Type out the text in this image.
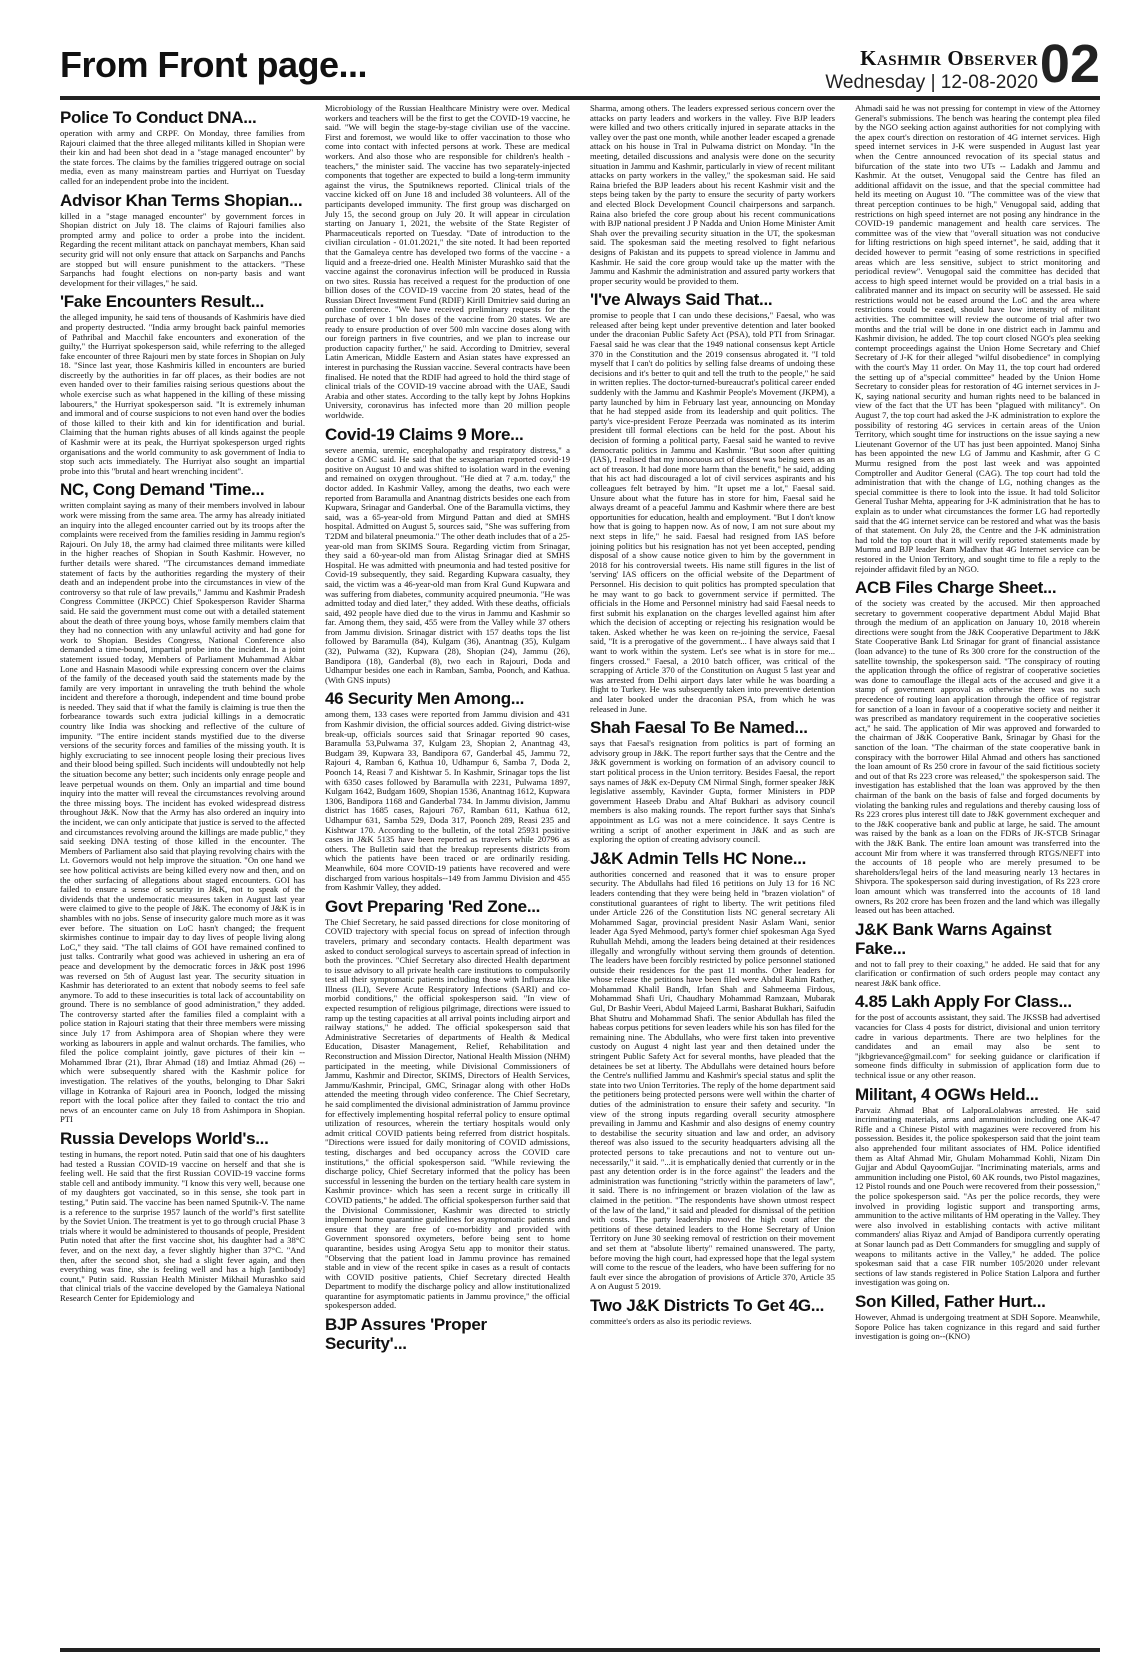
From Front page...	Kashmir Observer
Wednesday | 12-08-2020 02
Police To Conduct DNA...

operation with army and CRPF. On Monday, three families from Rajouri claimed that the three alleged militants killed in Shopian were their kin and had been shot dead in a "stage managed encounter" by the state forces. The claims by the families triggered outrage on social media, even as many mainstream parties and Hurriyat on Tuesday called for an independent probe into the incident.

Advisor Khan Terms Shopian...

killed in a "stage managed encounter" by government forces in Shopian district on July 18. The claims of Rajouri families also prompted army and police to order a probe into the incident. Regarding the recent militant attack on panchayat members, Khan said security grid will not only ensure that attack on Sarpanchs and Panchs are stopped but will ensure punishment to the attackers. "These Sarpanchs had fought elections on non-party basis and want development for their villages," he said.

'Fake Encounters Result...

the alleged impunity, he said tens of thousands of Kashmiris have died and property destructed. "India army brought back painful memories of Pathribal and Macchil fake encounters and exoneration of the guilty," the Hurriyat spokesperson said, while referring to the alleged fake encounter of three Rajouri men by state forces in Shopian on July 18. "Since last year, those Kashmiris killed in encounters are buried discreetly by the authorities in far off places, as their bodies are not even handed over to their families raising serious questions about the whole exercise such as what happened in the killing of these missing labourers," the Hurriyat spokesperson said. "It is extremely inhuman and immoral and of course suspicions to not even hand over the bodies of those killed to their kith and kin for identification and burial. Claiming that the human rights abuses of all kinds against the people of Kashmir were at its peak, the Hurriyat spokesperson urged rights organisations and the world community to ask government of India to stop such acts immediately. The Hurriyat also sought an impartial probe into this "brutal and heart wrenching incident".

NC, Cong Demand 'Time...

written complaint saying as many of their members involved in labour work were missing from the same area. The army has already initiated an inquiry into the alleged encounter carried out by its troops after the complaints were received from the families residing in Jammu region's Rajouri. On July 18, the army had claimed three militants were killed in the higher reaches of Shopian in South Kashmir. However, no further details were shared. "The circumstances demand immediate statement of facts by the authorities regarding the mystery of their death and an independent probe into the circumstances in view of the controversy so that rule of law prevails," Jammu and Kashmir Pradesh Congress Committee (JKPCC) Chief Spokesperson Ravider Sharma said. He said the government must come out with a detailed statement about the death of three young boys, whose family members claim that they had no connection with any unlawful activity and had gone for work to Shopian. Besides Congress, National Conference also demanded a time-bound, impartial probe into the incident. In a joint statement issued today, Members of Parliament Muhammad Akbar Lone and Hasnain Masoodi while expressing concern over the claims of the family of the deceased youth said the statements made by the family are very important in unraveling the truth behind the whole incident and therefore a thorough, independent and time bound probe is needed. They said that if what the family is claiming is true then the forbearance towards such extra judicial killings in a democratic country like India was shocking and reflective of the culture of impunity. "The entire incident stands mystified due to the diverse versions of the security forces and families of the missing youth. It is highly excruciating to see innocent people losing their precious lives and their blood being spilled. Such incidents will undoubtedly not help the situation become any better; such incidents only enrage people and leave perpetual wounds on them. Only an impartial and time bound inquiry into the matter will reveal the circumstances revolving around the three missing boys. The incident has evoked widespread distress throughout J&K. Now that the Army has also ordered an inquiry into the incident, we can only anticipate that justice is served to the affected and circumstances revolving around the killings are made public," they said seeking DNA testing of those killed in the encounter. The Members of Parliament also said that playing revolving chairs with the Lt. Governors would not help improve the situation. "On one hand we see how political activists are being killed every now and then, and on the other surfacing of allegations about staged encounters. GOI has failed to ensure a sense of security in J&K, not to speak of the dividends that the undemocratic measures taken in August last year were claimed to give to the people of J&K. The economy of J&K is in shambles with no jobs. Sense of insecurity galore much more as it was ever before. The situation on LoC hasn't changed; the frequent skirmishes continue to impair day to day lives of people living along LoC," they said. "The tall claims of GOI have remained confined to just talks. Contrarily what good was achieved in ushering an era of peace and development by the democratic forces in J&K post 1996 was reversed on 5th of August last year. The security situation in Kashmir has deteriorated to an extent that nobody seems to feel safe anymore. To add to these insecurities is total lack of accountability on ground. There is no semblance of good administration," they added. The controversy started after the families filed a complaint with a police station in Rajouri stating that their three members were missing since July 17 from Ashimpora area of Shopian where they were working as labourers in apple and walnut orchards. The families, who filed the police complaint jointly, gave pictures of their kin -- Mohammed Ibrar (21), Ibrar Ahmad (18) and Imtiaz Ahmad (26) -- which were subsequently shared with the Kashmir police for investigation. The relatives of the youths, belonging to Dhar Sakri village in Kotranka of Rajouri area in Poonch, lodged the missing report with the local police after they failed to contact the trio and news of an encounter came on July 18 from Ashimpora in Shopian. PTI

Russia Develops World's...

testing in humans, the report noted. Putin said that one of his daughters had tested a Russian COVID-19 vaccine on herself and that she is feeling well. He said that the first Russian COVID-19 vaccine forms stable cell and antibody immunity. "I know this very well, because one of my daughters got vaccinated, so in this sense, she took part in testing," Putin said. The vaccine has been named Sputnik-V. The name is a reference to the surprise 1957 launch of the world"s first satellite by the Soviet Union. The treatment is yet to go through crucial Phase 3 trials where it would be administered to thousands of people, President Putin noted that after the first vaccine shot, his daughter had a 38°C fever, and on the next day, a fever slightly higher than 37°C. "And then, after the second shot, she had a slight fever again, and then everything was fine, she is feeling well and has a high [antibody] count," Putin said. Russian Health Minister Mikhail Murashko said that clinical trials of the vaccine developed by the Gamaleya National Research Center for Epidemiology and

Microbiology of the Russian Healthcare Ministry were over. Medical workers and teachers will be the first to get the COVID-19 vaccine, he said. "We will begin the stage-by-stage civilian use of the vaccine. First and foremost, we would like to offer vaccination to those who come into contact with infected persons at work. These are medical workers. And also those who are responsible for children's health - teachers," the minister said. The vaccine has two separately-injected components that together are expected to build a long-term immunity against the virus, the Sputniknews reported. Clinical trials of the vaccine kicked off on June 18 and included 38 volunteers. All of the participants developed immunity. The first group was discharged on July 15, the second group on July 20. It will appear in circulation starting on January 1, 2021, the website of the State Register of Pharmaceuticals reported on Tuesday. "Date of introduction to the civilian circulation - 01.01.2021," the site noted. It had been reported that the Gamaleya centre has developed two forms of the vaccine - a liquid and a freeze-dried one. Health Minister Murashko said that the vaccine against the coronavirus infection will be produced in Russia on two sites. Russia has received a request for the production of one billion doses of the COVID-19 vaccine from 20 states, head of the Russian Direct Investment Fund (RDIF) Kirill Dmitriev said during an online conference. "We have received preliminary requests for the purchase of over 1 bln doses of the vaccine from 20 states. We are ready to ensure production of over 500 mln vaccine doses along with our foreign partners in five countries, and we plan to increase our production capacity further," he said. According to Dmitriev, several Latin American, Middle Eastern and Asian states have expressed an interest in purchasing the Russian vaccine. Several contracts have been finalised. He noted that the RDIF had agreed to hold the third stage of clinical trials of the COVID-19 vaccine abroad with the UAE, Saudi Arabia and other states. According to the tally kept by Johns Hopkins University, coronavirus has infected more than 20 million people worldwide.

Covid-19 Claims 9 More...

severe anemia, uremic, encephalopathy and respiratory distress," a doctor a GMC said. He said that the sexagenarian reported covid-19 positive on August 10 and was shifted to isolation ward in the evening and remained on oxygen throughout. "He died at 7 a.m. today," the doctor added. In Kashmir Valley, among the deaths, two each were reported from Baramulla and Anantnag districts besides one each from Kupwara, Srinagar and Ganderbal. One of the Baramulla victims, they said, was a 65-year-old from Mirgund Pattan and died at SMHS hospital. Admitted on August 5, sources said, "She was suffering from T2DM and bilateral pneumonia." The other death includes that of a 25-year-old man from SKIMS Soura. Regarding victim from Srinagar, they said a 60-year-old man from Alistag Srinagar died at SMHS Hospital. He was admitted with pneumonia and had tested positive for Covid-19 subsequently, they said. Regarding Kupwara casualty, they said, the victim was a 46-year-old man from Kral Gund Kupwara and was suffering from diabetes, community acquired pneumonia. "He was admitted today and died later," they added. With these deaths, officials said, 492 people have died due to the virus in Jammu and Kashmir so far. Among them, they said, 455 were from the Valley while 37 others from Jammu division. Srinagar district with 157 deaths tops the list followed by Baramulla (84), Kulgam (36), Anantnag (35), Kulgam (32), Pulwama (32), Kupwara (28), Shopian (24), Jammu (26), Bandipora (18), Ganderbal (8), two each in Rajouri, Doda and Udhampur besides one each in Ramban, Samba, Poonch, and Kathua. (With GNS inputs)

46 Security Men Among...

among them, 133 cases were reported from Jammu division and 431 from Kashmir division, the official sources added. Giving district-wise break-up, officials sources said that Srinagar reported 90 cases, Baramulla 53,Pulwama 37, Kulgam 23, Shopian 2, Anantnag 43, Budgam 39, Kupwara 33, Bandipora 67, Ganderbal 45, Jammu 72, Rajouri 4, Ramban 6, Kathua 10, Udhampur 6, Samba 7, Doda 2, Poonch 14, Reasi 7 and Kishtwar 5. In Kashmir, Srinagar tops the list with 6350 cases followed by Baramulla with 2231, Pulwama 1897, Kulgam 1642, Budgam 1609, Shopian 1536, Anantnag 1612, Kupwara 1306, Bandipora 1168 and Ganderbal 734. In Jammu division, Jammu district has 1685 cases, Rajouri 767, Ramban 611, Kathua 612, Udhampur 631, Samba 529, Doda 317, Poonch 289, Reasi 235 and Kishtwar 170. According to the bulletin, of the total 25931 positive cases in J&K 5135 have been reported as travelers while 20796 as others. The Bulletin said that the breakup represents districts from which the patients have been traced or are ordinarily residing. Meanwhile, 604 more COVID-19 patients have recovered and were discharged from various hospitals--149 from Jammu Division and 455 from Kashmir Valley, they added.

Govt Preparing 'Red Zone...

The Chief Secretary, he said passed directions for close monitoring of COVID trajectory with special focus on spread of infection through travelers, primary and secondary contacts. Health department was asked to conduct serological surveys to ascertain spread of infection in both the provinces. "Chief Secretary also directed Health department to issue advisory to all private health care institutions to compulsorily test all their symptomatic patients including those with Influenza like Illness (ILI), Severe Acute Respiratory Infections (SARI) and co-morbid conditions," the official spokesperson said. "In view of expected resumption of religious pilgrimage, directions were issued to ramp up the testing capacities at all arrival points including airport and railway stations," he added. The official spokesperson said that Administrative Secretaries of departments of Health & Medical Education, Disaster Management, Relief, Rehabilitation and Reconstruction and Mission Director, National Health Mission (NHM) participated in the meeting, while Divisional Commissioners of Jammu, Kashmir and Director, SKIMS, Directors of Health Services, Jammu/Kashmir, Principal, GMC, Srinagar along with other HoDs attended the meeting through video conference. The Chief Secretary, he said complimented the divisional administration of Jammu province for effectively implementing hospital referral policy to ensure optimal utilization of resources, wherein the tertiary hospitals would only admit critical COVID patients being referred from district hospitals. "Directions were issued for daily monitoring of COVID admissions, testing, discharges and bed occupancy across the COVID care institutions," the official spokesperson said. "While reviewing the discharge policy, Chief Secretary informed that the policy has been successful in lessening the burden on the tertiary health care system in Kashmir province- which has seen a recent surge in critically ill COVID patients," he added. The official spokesperson further said that the Divisional Commissioner, Kashmir was directed to strictly implement home quarantine guidelines for asymptomatic patients and ensure that they are free of co-morbidity and provided with Government sponsored oxymeters, before being sent to home quarantine, besides using Arogya Setu app to monitor their status. "Observing that the patient load in Jammu province has remained stable and in view of the recent spike in cases as a result of contacts with COVID positive patients, Chief Secretary directed Health Department to modify the discharge policy and allow institutionalized quarantine for asymptomatic patients in Jammu province," the official spokesperson added.

BJP Assures 'Proper Security'...

Sharma, among others. The leaders expressed serious concern over the attacks on party leaders and workers in the valley. Five BJP leaders were killed and two others critically injured in separate attacks in the valley over the past one month, while another leader escaped a grenade attack on his house in Tral in Pulwama district on Monday. "In the meeting, detailed discussions and analysis were done on the security situation in Jammu and Kashmir, particularly in view of recent militant attacks on party workers in the valley," the spokesman said. He said Raina briefed the BJP leaders about his recent Kashmir visit and the steps being taken by the party to ensure the security of party workers and elected Block Development Council chairpersons and sarpanch. Raina also briefed the core group about his recent communications with BJP national president J P Nadda and Union Home Minister Amit Shah over the prevailing security situation in the UT, the spokesman said. The spokesman said the meeting resolved to fight nefarious designs of Pakistan and its puppets to spread violence in Jammu and Kashmir. He said the core group would take up the matter with the Jammu and Kashmir the administration and assured party workers that proper security would be provided to them.

'I've Always Said That...

promise to people that I can undo these decisions," Faesal, who was released after being kept under preventive detention and later booked under the draconian Public Safety Act (PSA), told PTI from Srinagar. Faesal said he was clear that the 1949 national consensus kept Article 370 in the Constitution and the 2019 consensus abrogated it. "I told myself that I can't do politics by selling false dreams of undoing these decisions and it's better to quit and tell the truth to the people," he said in written replies. The doctor-turned-bureaucrat's political career ended suddenly with the Jammu and Kashmir People's Movement (JKPM), a party launched by him in February last year, announcing on Monday that he had stepped aside from its leadership and quit politics. The party's vice-president Feroze Peerzada was nominated as its interim president till formal elections can be held for the post. About his decision of forming a political party, Faesal said he wanted to revive democratic politics in Jammu and Kashmir. "But soon after quitting (IAS), I realised that my innocuous act of dissent was being seen as an act of treason. It had done more harm than the benefit," he said, adding that his act had discouraged a lot of civil services aspirants and his colleagues felt betrayed by him. "It upset me a lot," Faesal said. Unsure about what the future has in store for him, Faesal said he always dreamt of a peaceful Jammu and Kashmir where there are best opportunities for education, health and employment. "But I don't know how that is going to happen now. As of now, I am not sure about my next steps in life," he said. Faesal had resigned from IAS before joining politics but his resignation has not yet been accepted, pending disposal of a show cause notice given to him by the government in 2018 for his controversial tweets. His name still figures in the list of 'serving' IAS officers on the official website of the Department of Personnel. His decision to quit politics has prompted speculation that he may want to go back to government service if permitted. The officials in the Home and Personnel ministry had said Faesal needs to first submit his explanation on the charges levelled against him after which the decision of accepting or rejecting his resignation would be taken. Asked whether he was keen on re-joining the service, Faesal said, "It is a prerogative of the government... I have always said that I want to work within the system. Let's see what is in store for me... fingers crossed." Faesal, a 2010 batch officer, was critical of the scrapping of Article 370 of the Constitution on August 5 last year and was arrested from Delhi airport days later while he was boarding a flight to Turkey. He was subsequently taken into preventive detention and later booked under the draconian PSA, from which he was released in June.

Shah Faesal To Be Named...

says that Faesal's resignation from politics is part of forming an advisory group in J&K. The report further says that the Centre and the J&K government is working on formation of an advisory council to start political process in the Union territory. Besides Faesal, the report says names of J&K ex-Deputy CM Nirmal Singh, former speaker J&K legislative assembly, Kavinder Gupta, former Ministers in PDP government Haseeb Drabu and Altaf Bukhari as advisory council members is also making rounds. The report further says that Sinha's appointment as LG was not a mere coincidence. It says Centre is writing a script of another experiment in J&K and as such are exploring the option of creating advisory council.

J&K Admin Tells HC None...

authorities concerned and reasoned that it was to ensure proper security. The Abdullahs had filed 16 petitions on July 13 for 16 NC leaders contending that they were being held in "brazen violation" of constitutional guarantees of right to liberty. The writ petitions filed under Article 226 of the Constitution lists NC general secretary Ali Mohammed Sagar, provincial president Nasir Aslam Wani, senior leader Aga Syed Mehmood, party's former chief spokesman Aga Syed Ruhullah Mehdi, among the leaders being detained at their residences illegally and wrongfully without serving them grounds of detention. The leaders have been forcibly restricted by police personnel stationed outside their residences for the past 11 months. Other leaders for whose release the petitions have been filed were Abdul Rahim Rather, Mohammad Khalil Bandh, Irfan Shah and Sahmeema Firdous, Mohammad Shafi Uri, Chaudhary Mohammad Ramzaan, Mubarak Gul, Dr Bashir Veeri, Abdul Majeed Larmi, Basharat Bukhari, Saifudin Bhat Shutru and Mohammad Shafi. The senior Abdullah has filed the habeas corpus petitions for seven leaders while his son has filed for the remaining nine. The Abdullahs, who were first taken into preventive custody on August 4 night last year and then detained under the stringent Public Safety Act for several months, have pleaded that the detainees be set at liberty. The Abdullahs were detained hours before the Centre's nullified Jammu and Kashmir's special status and split the state into two Union Territories. The reply of the home department said the petitioners being protected persons were well within the charter of duties of the administration to ensure their safety and security. "In view of the strong inputs regarding overall security atmosphere prevailing in Jammu and Kashmir and also designs of enemy country to destabilise the security situation and law and order, an advisory thereof was also issued to the security headquarters advising all the protected persons to take precautions and not to venture out un-necessarily," it said. "...it is emphatically denied that currently or in the past any detention order is in the force against" the leaders and the administration was functioning "strictly within the parameters of law", it said. There is no infringement or brazen violation of the law as claimed in the petition. "The respondents have shown utmost respect of the law of the land," it said and pleaded for dismissal of the petition with costs. The party leadership moved the high court after the petitions of these detained leaders to the Home Secretary of Union Territory on June 30 seeking removal of restriction on their movement and set them at "absolute liberty" remained unanswered. The party, before moving the high court, had expressed hope that the legal system will come to the rescue of the leaders, who have been suffering for no fault ever since the abrogation of provisions of Article 370, Article 35 A on August 5 2019.

Two J&K Districts To Get 4G...

committee's orders as also its periodic reviews.

Ahmadi said he was not pressing for contempt in view of the Attorney General's submissions. The bench was hearing the contempt plea filed by the NGO seeking action against authorities for not complying with the apex court's direction on restoration of 4G internet services. High speed internet services in J-K were suspended in August last year when the Centre announced revocation of its special status and bifurcation of the state into two UTs -- Ladakh and Jammu and Kashmir. At the outset, Venugopal said the Centre has filed an additional affidavit on the issue, and that the special committee had held its meeting on August 10. "The committee was of the view that threat perception continues to be high," Venugopal said, adding that restrictions on high speed internet are not posing any hindrance in the COVID-19 pandemic management and health care services. The committee was of the view that "overall situation was not conducive for lifting restrictions on high speed internet", he said, adding that it decided however to permit "easing of some restrictions in specified areas which are less sensitive, subject to strict monitoring and periodical review". Venugopal said the committee has decided that access to high speed internet would be provided on a trial basis in a calibrated manner and its impact on security will be assessed. He said restrictions would not be eased around the LoC and the area where restrictions could be eased, should have low intensity of militant activities. The committee will review the outcome of trial after two months and the trial will be done in one district each in Jammu and Kashmir division, he added. The top court closed NGO's plea seeking contempt proceedings against the Union Home Secretary and Chief Secretary of J-K for their alleged "wilful disobedience" in complying with the court's May 11 order. On May 11, the top court had ordered the setting up of a"special committee" headed by the Union Home Secretary to consider pleas for restoration of 4G internet services in J-K, saying national security and human rights need to be balanced in view of the fact that the UT has been "plagued with militancy". On August 7, the top court had asked the J-K administration to explore the possibility of restoring 4G services in certain areas of the Union Territory, which sought time for instructions on the issue saying a new Lieutenant Governor of the UT has just been appointed. Manoj Sinha has been appointed the new LG of Jammu and Kashmir, after G C Murmu resigned from the post last week and was appointed Comptroller and Auditor General (CAG). The top court had told the administration that with the change of LG, nothing changes as the special committee is there to look into the issue. It had told Solicitor General Tushar Mehta, appearing for J-K administration that he has to explain as to under what circumstances the former LG had reportedly said that the 4G internet service can be restored and what was the basis of that statement. On July 28, the Centre and the J-K administration had told the top court that it will verify reported statements made by Murmu and BJP leader Ram Madhav that 4G Internet service can be restored in the Union Territory, and sought time to file a reply to the rejoinder affidavit filed by an NGO.

ACB Files Charge Sheet...

of the society was created by the accused. Mir then approached secretary to government cooperative department Abdul Majid Bhat through the medium of an application on January 10, 2018 wherein directions were sought from the J&K Cooperative Department to J&K State Cooperative Bank Ltd Srinagar for grant of financial assistance (loan advance) to the tune of Rs 300 crore for the construction of the satellite township, the spokesperson said. "The conspiracy of routing the application through the office of registrar of cooperative societies was done to camouflage the illegal acts of the accused and give it a stamp of government approval as otherwise there was no such precedence of routing loan application through the office of registrar for sanction of a loan in favour of a cooperative society and neither it was prescribed as mandatory requirement in the cooperative societies act," he said. The application of Mir was approved and forwarded to the chairman of J&K Cooperative Bank, Srinagar by Ghasi for the sanction of the loan. "The chairman of the state cooperative bank in conspiracy with the borrower Hilal Ahmad and others has sanctioned the loan amount of Rs 250 crore in favour of the said fictitious society and out of that Rs 223 crore was released," the spokesperson said. The investigation has established that the loan was approved by the then chairman of the bank on the basis of false and forged documents by violating the banking rules and regulations and thereby causing loss of Rs 223 crores plus interest till date to J&K government exchequer and to the J&K cooperative bank and public at large, he said. The amount was raised by the bank as a loan on the FDRs of JK-STCB Srinagar with the J&K Bank. The entire loan amount was transferred into the account Mir from where it was transferred through RTGS/NEFT into the accounts of 18 people who are merely presumed to be shareholders/legal heirs of the land measuring nearly 13 hectares in Shivpora. The spokesperson said during investigation, of Rs 223 crore loan amount which was transferred into the accounts of 18 land owners, Rs 202 crore has been frozen and the land which was illegally leased out has been attached.

J&K Bank Warns Against Fake...

and not to fall prey to their coaxing," he added. He said that for any clarification or confirmation of such orders people may contact any nearest J&K bank office.

4.85 Lakh Apply For Class...

for the post of accounts assistant, they said. The JKSSB had advertised vacancies for Class 4 posts for district, divisional and union territory cadre in various departments. There are two helplines for the candidates and an email may also be sent to "jkbgrievance@gmail.com" for seeking guidance or clarification if someone finds difficulty in submission of application form due to technical issue or any other reason.

Militant, 4 OGWs Held...

Parvaiz Ahmad Bhat of LalporaLolabwas arrested. He said incriminating materials, arms and ammunition including one AK-47 Rifle and a Chinese Pistol with magazines were recovered from his possession. Besides it, the police spokesperson said that the joint team also apprehended four militant associates of HM. Police identified them as Altaf Ahmad Mir, Ghulam Mohammad Kohli, Nizam Din Gujjar and Abdul QayoomGujjar. "Incriminating materials, arms and ammunition including one Pistol, 60 AK rounds, two Pistol magazines, 12 Pistol rounds and one Pouch were recovered from their possession," the police spokesperson said. "As per the police records, they were involved in providing logistic support and transporting arms, ammunition to the active militants of HM operating in the Valley. They were also involved in establishing contacts with active militant commanders' alias Riyaz and Amjad of Bandipora currently operating at Sonar launch pad as Dett Commanders for smuggling and supply of weapons to militants active in the Valley," he added. The police spokesman said that a case FIR number 105/2020 under relevant sections of law stands registered in Police Station Lalpora and further investigation was going on.

Son Killed, Father Hurt...

However, Ahmad is undergoing treatment at SDH Sopore. Meanwhile, Sopore Police has taken cognizance in this regard and said further investigation is going on--(KNO)
